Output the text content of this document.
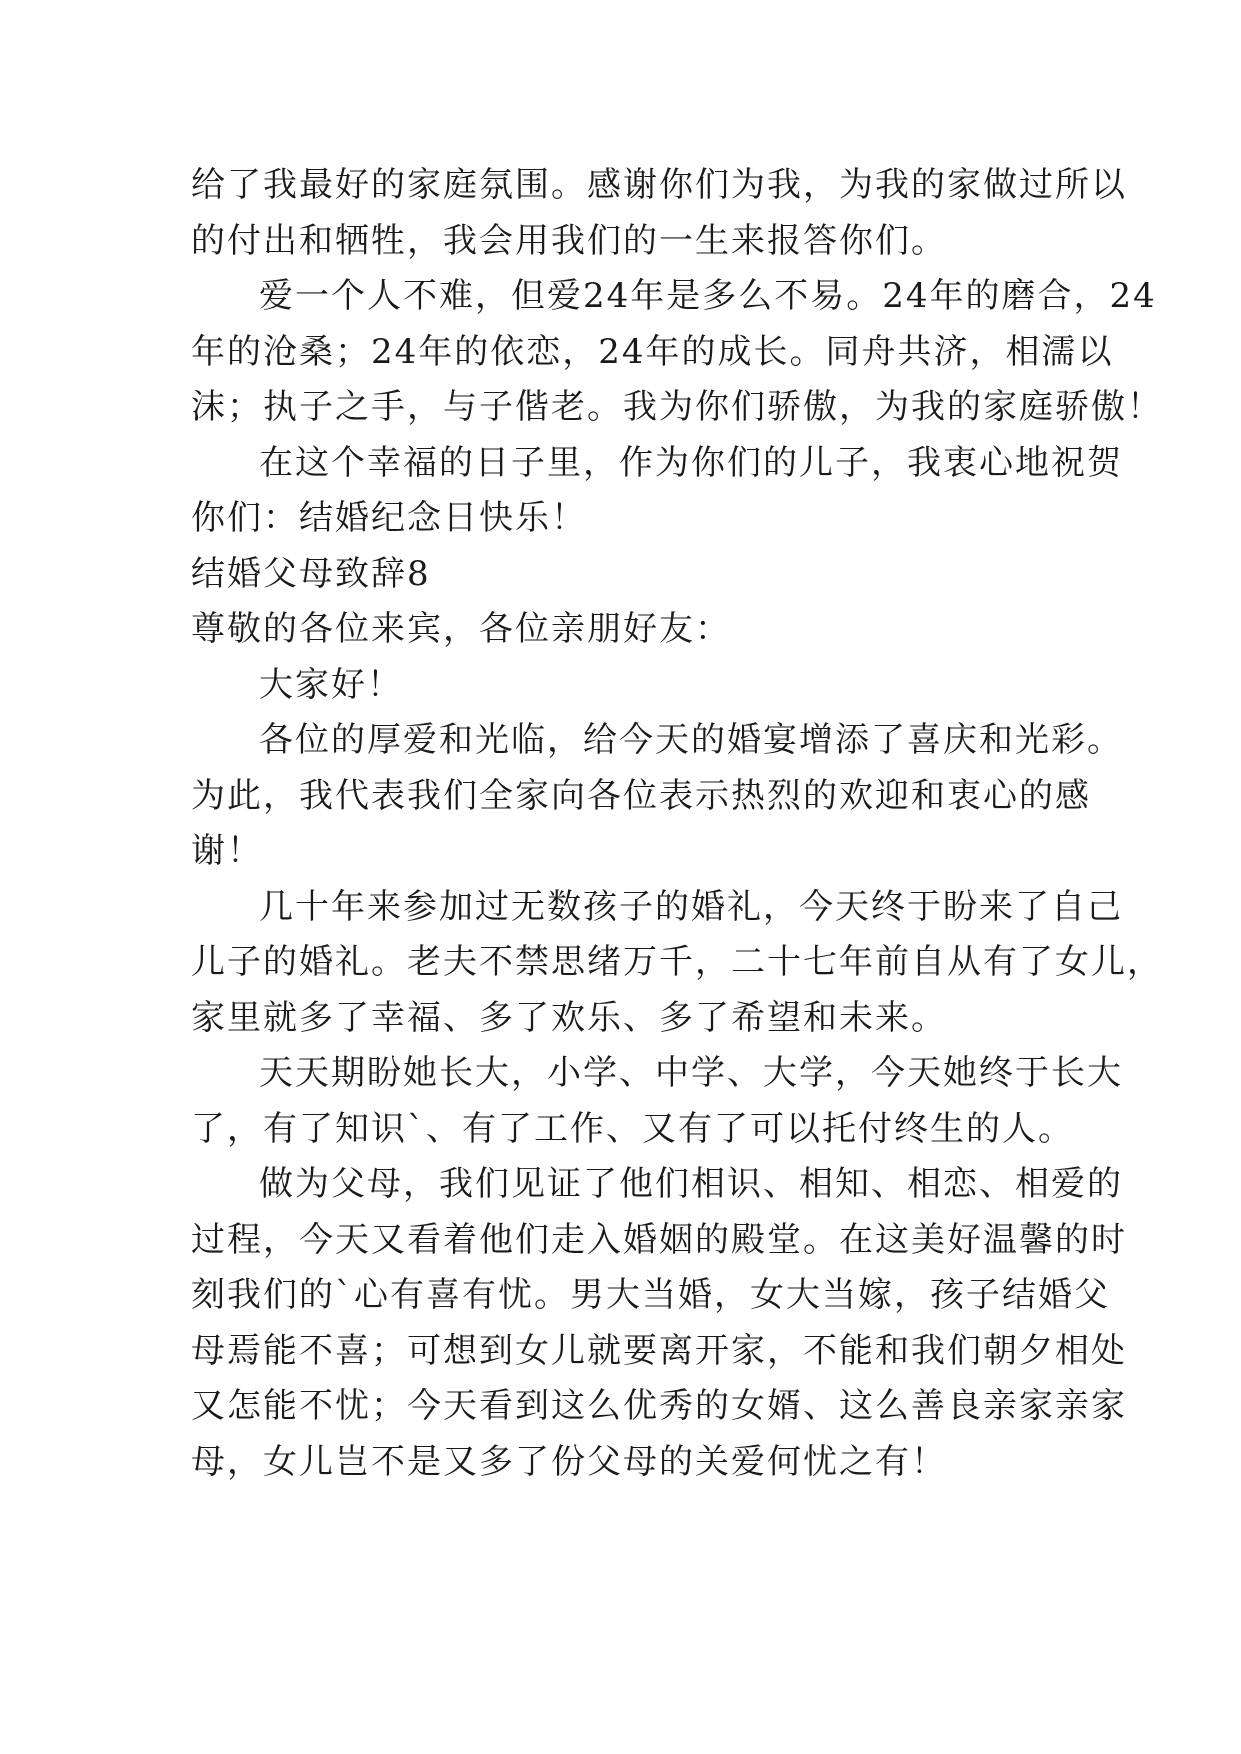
给了我最好的家庭氛围。感谢你们为我，为我的家做过所以

的付出和牺牲，我会用我们的一生来报答你们。

爱一个人不难，但爱24年是多么不易。24年的磨合，24

年的沧桑；24年的依恋，24年的成长。同舟共济，相濡以

沫；执子之手，与子偕老。我为你们骄傲，为我的家庭骄傲！

在这个幸福的日子里，作为你们的儿子，我衷心地祝贺

你们：结婚纪念日快乐！

结婚父母致辞8

尊敬的各位来宾，各位亲朋好友：

大家好！

各位的厚爱和光临，给今天的婚宴增添了喜庆和光彩。

为此，我代表我们全家向各位表示热烈的欢迎和衷心的感

谢！

几十年来参加过无数孩子的婚礼，今天终于盼来了自己

儿子的婚礼。老夫不禁思绪万千，二十七年前自从有了女儿，

家里就多了幸福、多了欢乐、多了希望和未来。

天天期盼她长大，小学、中学、大学，今天她终于长大

了，有了知识`、有了工作、又有了可以托付终生的人。

做为父母，我们见证了他们相识、相知、相恋、相爱的

过程，今天又看着他们走入婚姻的殿堂。在这美好温馨的时

刻我们的`心有喜有忧。男大当婚，女大当嫁，孩子结婚父

母焉能不喜；可想到女儿就要离开家，不能和我们朝夕相处

又怎能不忧；今天看到这么优秀的女婿、这么善良亲家亲家

母，女儿岂不是又多了份父母的关爱何忧之有！
